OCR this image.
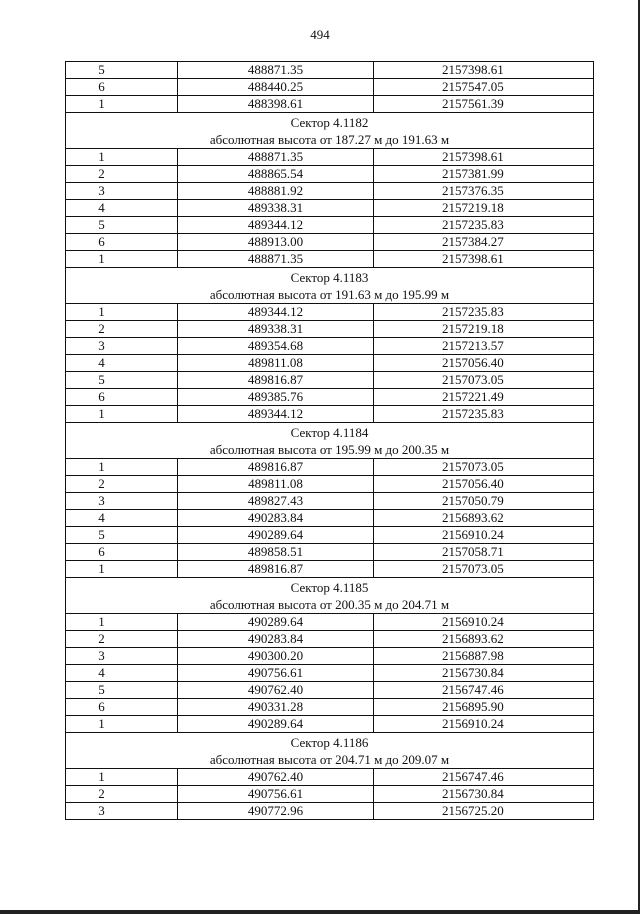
494
5	488871.35	2157398.61
6	488440.25	2157547.05
1	488398.61	2157561.39

Сектор 4.1182
абсолютная высота от 187.27 м до 191.63 м		

1	488871.35	2157398.61
2	488865.54	2157381.99
3	488881.92	2157376.35
4	489338.31	2157219.18
5	489344.12	2157235.83
6	488913.00	2157384.27
1	488871.35	2157398.61

Сектор 4.1183
абсолютная высота от 191.63 м до 195.99 м		

1	489344.12	2157235.83
2	489338.31	2157219.18
3	489354.68	2157213.57
4	489811.08	2157056.40
5	489816.87	2157073.05
6	489385.76	2157221.49
1	489344.12	2157235.83

Сектор 4.1184
абсолютная высота от 195.99 м до 200.35 м		

1	489816.87	2157073.05
2	489811.08	2157056.40
3	489827.43	2157050.79
4	490283.84	2156893.62
5	490289.64	2156910.24
6	489858.51	2157058.71
1	489816.87	2157073.05

Сектор 4.1185
абсолютная высота от 200.35 м до 204.71 м		

1	490289.64	2156910.24
2	490283.84	2156893.62
3	490300.20	2156887.98
4	490756.61	2156730.84
5	490762.40	2156747.46
6	490331.28	2156895.90
1	490289.64	2156910.24

Сектор 4.1186
абсолютная высота от 204.71 м до 209.07 м		

1	490762.40	2156747.46
2	490756.61	2156730.84
3	490772.96	2156725.20
